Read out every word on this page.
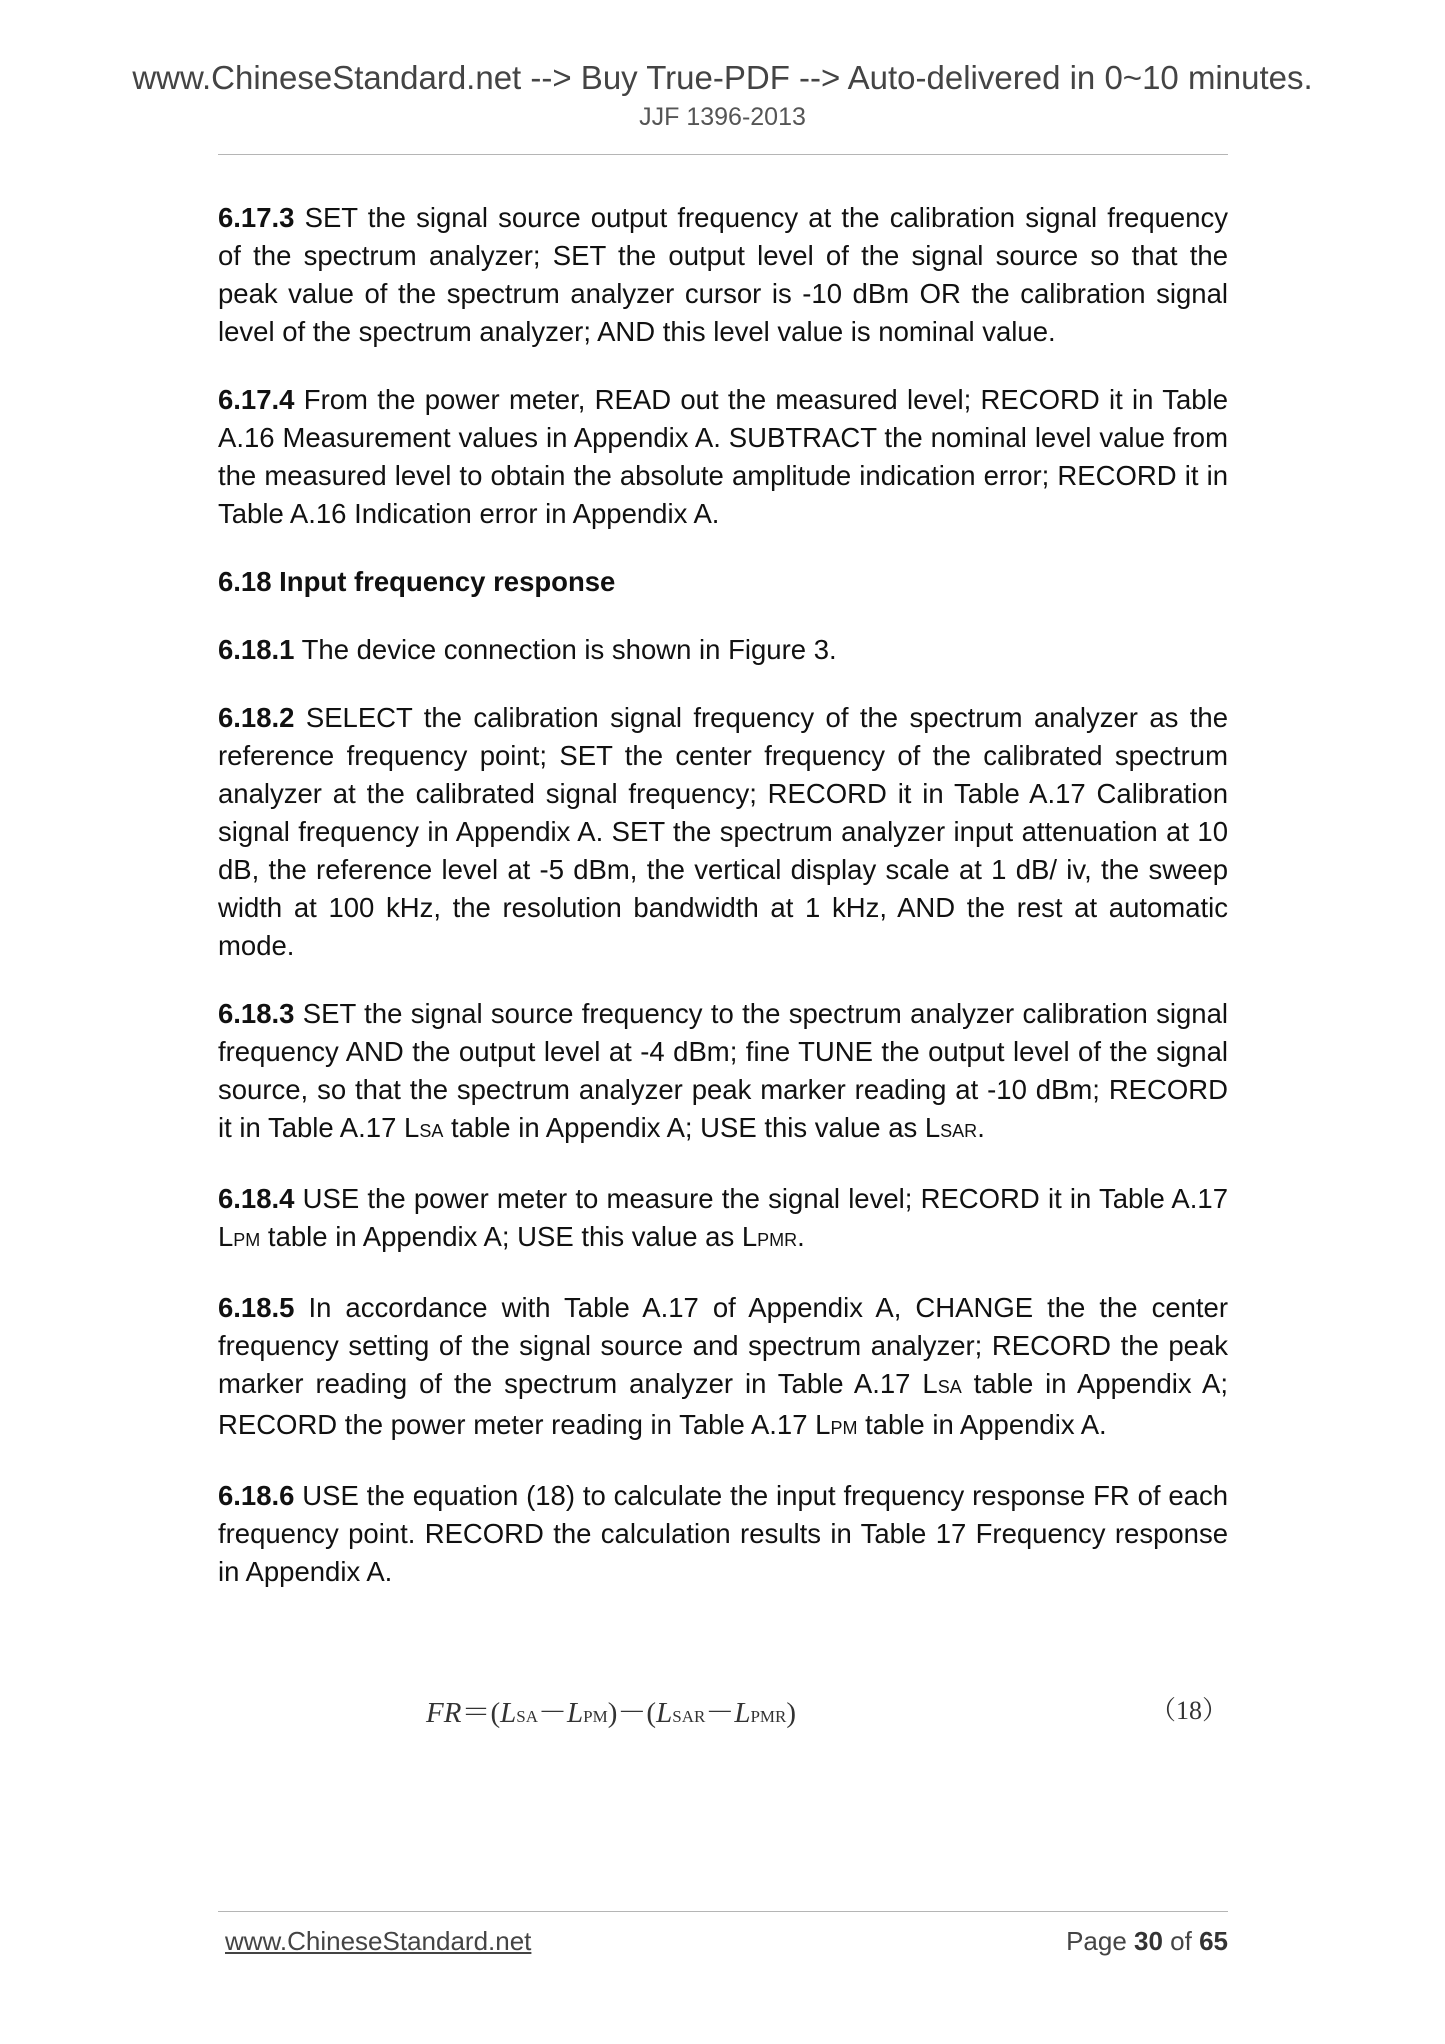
www.ChineseStandard.net --> Buy True-PDF --> Auto-delivered in 0~10 minutes.
JJF 1396-2013

6.17.3 SET the signal source output frequency at the calibration signal frequency of the spectrum analyzer; SET the output level of the signal source so that the peak value of the spectrum analyzer cursor is -10 dBm OR the calibration signal level of the spectrum analyzer; AND this level value is nominal value.

6.17.4 From the power meter, READ out the measured level; RECORD it in Table A.16 Measurement values in Appendix A. SUBTRACT the nominal level value from the measured level to obtain the absolute amplitude indication error; RECORD it in Table A.16 Indication error in Appendix A.

6.18 Input frequency response

6.18.1 The device connection is shown in Figure 3.

6.18.2 SELECT the calibration signal frequency of the spectrum analyzer as the reference frequency point; SET the center frequency of the calibrated spectrum analyzer at the calibrated signal frequency; RECORD it in Table A.17 Calibration signal frequency in Appendix A. SET the spectrum analyzer input attenuation at 10 dB, the reference level at -5 dBm, the vertical display scale at 1 dB/ iv, the sweep width at 100 kHz, the resolution bandwidth at 1 kHz, AND the rest at automatic mode.

6.18.3 SET the signal source frequency to the spectrum analyzer calibration signal frequency AND the output level at -4 dBm; fine TUNE the output level of the signal source, so that the spectrum analyzer peak marker reading at -10 dBm; RECORD it in Table A.17 LSA table in Appendix A; USE this value as LSAR.

6.18.4 USE the power meter to measure the signal level; RECORD it in Table A.17 LPM table in Appendix A; USE this value as LPMR.

6.18.5 In accordance with Table A.17 of Appendix A, CHANGE the the center frequency setting of the signal source and spectrum analyzer; RECORD the peak marker reading of the spectrum analyzer in Table A.17 LSA table in Appendix A; RECORD the power meter reading in Table A.17 LPM table in Appendix A.

6.18.6 USE the equation (18) to calculate the input frequency response FR of each frequency point. RECORD the calculation results in Table 17 Frequency response in Appendix A.

FR＝(LSA－LPM)－(LSAR－LPMR)	（18）
www.ChineseStandard.net	Page 30 of 65
